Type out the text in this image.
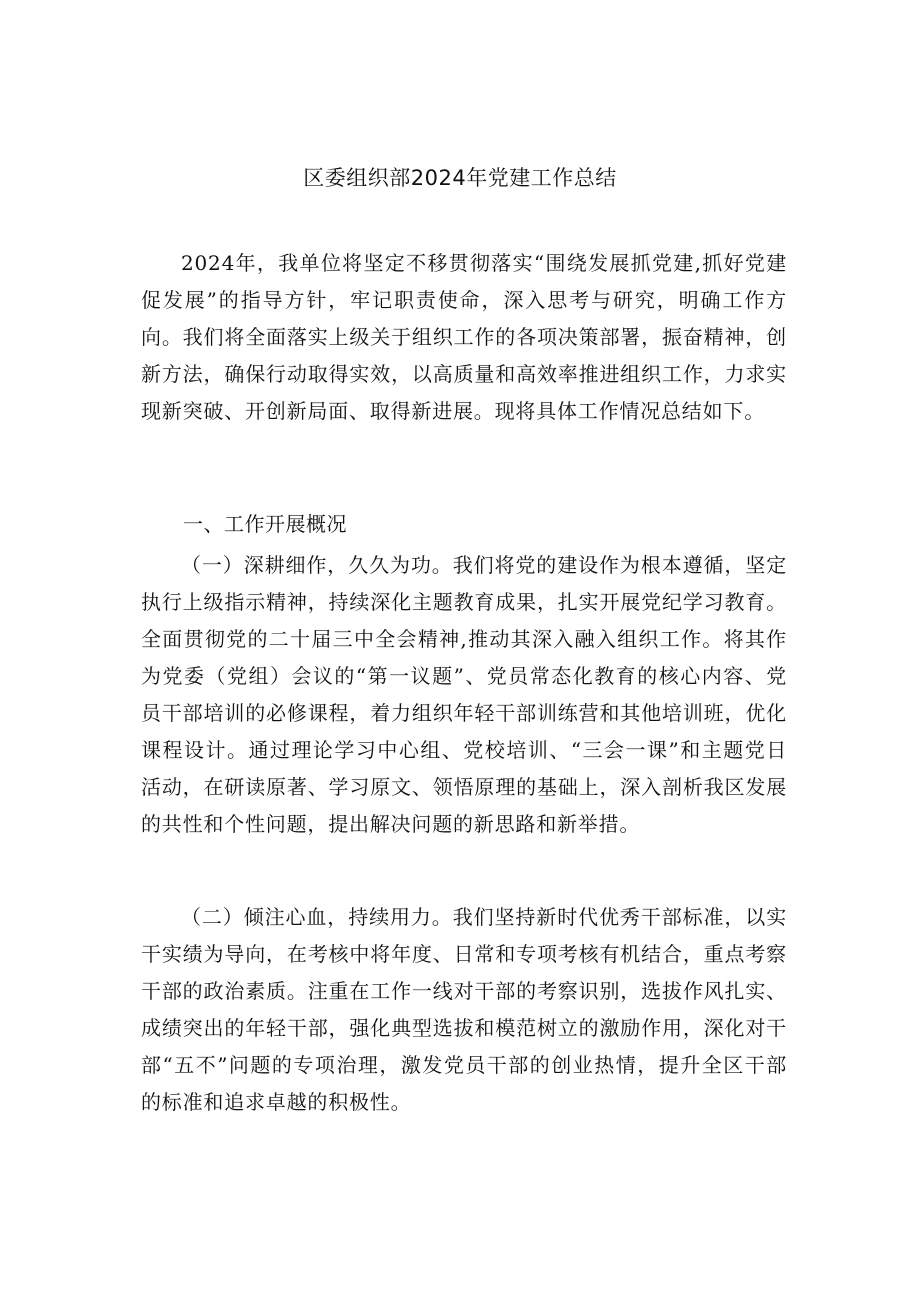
区委组织部2024年党建工作总结

2024年，我单位将坚定不移贯彻落实“围绕发展抓党建,抓好党建促发展”的指导方针，牢记职责使命，深入思考与研究，明确工作方向。我们将全面落实上级关于组织工作的各项决策部署，振奋精神，创新方法，确保行动取得实效，以高质量和高效率推进组织工作，力求实现新突破、开创新局面、取得新进展。现将具体工作情况总结如下。

一、工作开展概况

（一）深耕细作，久久为功。我们将党的建设作为根本遵循，坚定执行上级指示精神，持续深化主题教育成果，扎实开展党纪学习教育。全面贯彻党的二十届三中全会精神,推动其深入融入组织工作。将其作为党委（党组）会议的“第一议题”、党员常态化教育的核心内容、党员干部培训的必修课程，着力组织年轻干部训练营和其他培训班，优化课程设计。通过理论学习中心组、党校培训、“三会一课”和主题党日活动，在研读原著、学习原文、领悟原理的基础上，深入剖析我区发展的共性和个性问题，提出解决问题的新思路和新举措。

（二）倾注心血，持续用力。我们坚持新时代优秀干部标准，以实干实绩为导向，在考核中将年度、日常和专项考核有机结合，重点考察干部的政治素质。注重在工作一线对干部的考察识别，选拔作风扎实、成绩突出的年轻干部，强化典型选拔和模范树立的激励作用，深化对干部“五不”问题的专项治理，激发党员干部的创业热情，提升全区干部的标准和追求卓越的积极性。
